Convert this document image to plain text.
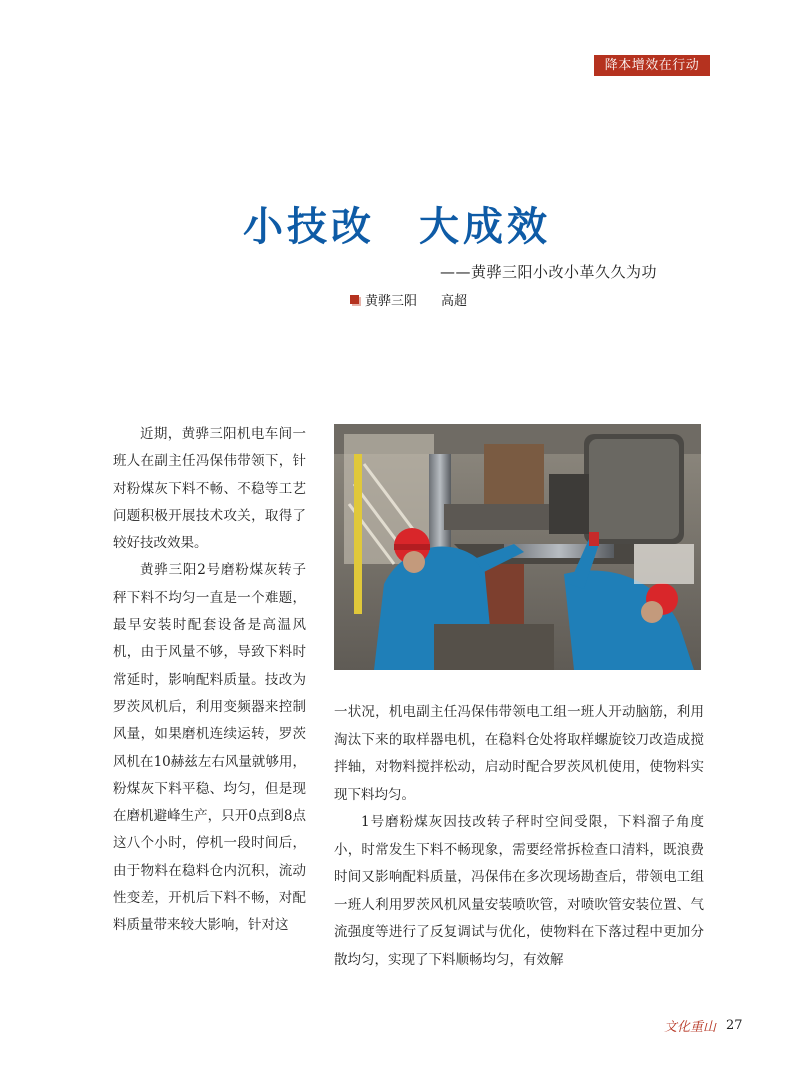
降本增效在行动
小技改　大成效
——黄骅三阳小改小革久久为功
黄骅三阳 高超

近期，黄骅三阳机电车间一班人在副主任冯保伟带领下，针对粉煤灰下料不畅、不稳等工艺问题积极开展技术攻关，取得了较好技改效果。

黄骅三阳2号磨粉煤灰转子秤下料不均匀一直是一个难题，最早安装时配套设备是高温风机，由于风量不够，导致下料时常延时，影响配料质量。技改为罗茨风机后，利用变频器来控制风量，如果磨机连续运转，罗茨风机在10赫兹左右风量就够用，粉煤灰下料平稳、均匀，但是现在磨机避峰生产，只开0点到8点这八个小时，停机一段时间后，由于物料在稳料仓内沉积，流动性变差，开机后下料不畅，对配料质量带来较大影响，针对这

一状况，机电副主任冯保伟带领电工组一班人开动脑筋，利用淘汰下来的取样器电机，在稳料仓处将取样螺旋铰刀改造成搅拌轴，对物料搅拌松动，启动时配合罗茨风机使用，使物料实现下料均匀。

1号磨粉煤灰因技改转子秤时空间受限，下料溜子角度小，时常发生下料不畅现象，需要经常拆检查口清料，既浪费时间又影响配料质量，冯保伟在多次现场勘查后，带领电工组一班人利用罗茨风机风量安装喷吹管，对喷吹管安装位置、气流强度等进行了反复调试与优化，使物料在下落过程中更加分散均匀，实现了下料顺畅均匀，有效解

文化重山 27
